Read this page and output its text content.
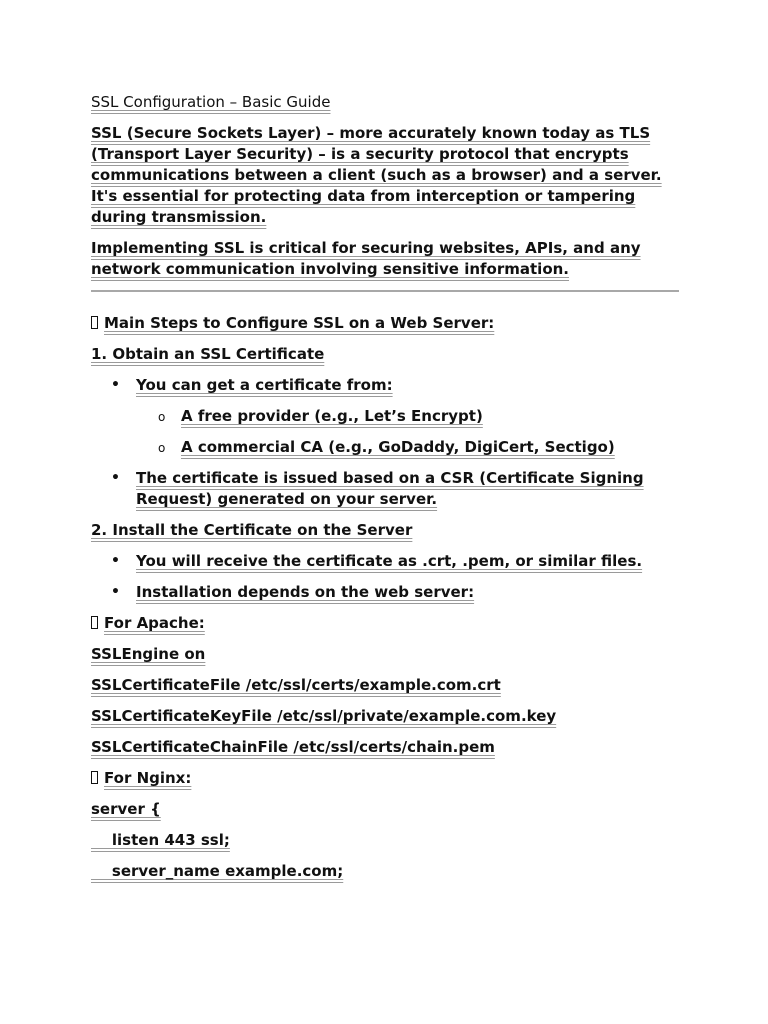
SSL Configuration – Basic Guide

SSL (Secure Sockets Layer) – more accurately known today as TLS (Transport Layer Security) – is a security protocol that encrypts communications between a client (such as a browser) and a server. It's essential for protecting data from interception or tampering during transmission.

Implementing SSL is critical for securing websites, APIs, and any network communication involving sensitive information.

Main Steps to Configure SSL on a Web Server:

1. Obtain an SSL Certificate

• You can get a certificate from:
o A free provider (e.g., Let’s Encrypt)
o A commercial CA (e.g., GoDaddy, DigiCert, Sectigo)
• The certificate is issued based on a CSR (Certificate Signing Request) generated on your server.

2. Install the Certificate on the Server

• You will receive the certificate as .crt, .pem, or similar files.
• Installation depends on the web server:

For Apache:

SSLEngine on

SSLCertificateFile /etc/ssl/certs/example.com.crt

SSLCertificateKeyFile /etc/ssl/private/example.com.key

SSLCertificateChainFile /etc/ssl/certs/chain.pem

For Nginx:

server {

listen 443 ssl;

server_name example.com;
